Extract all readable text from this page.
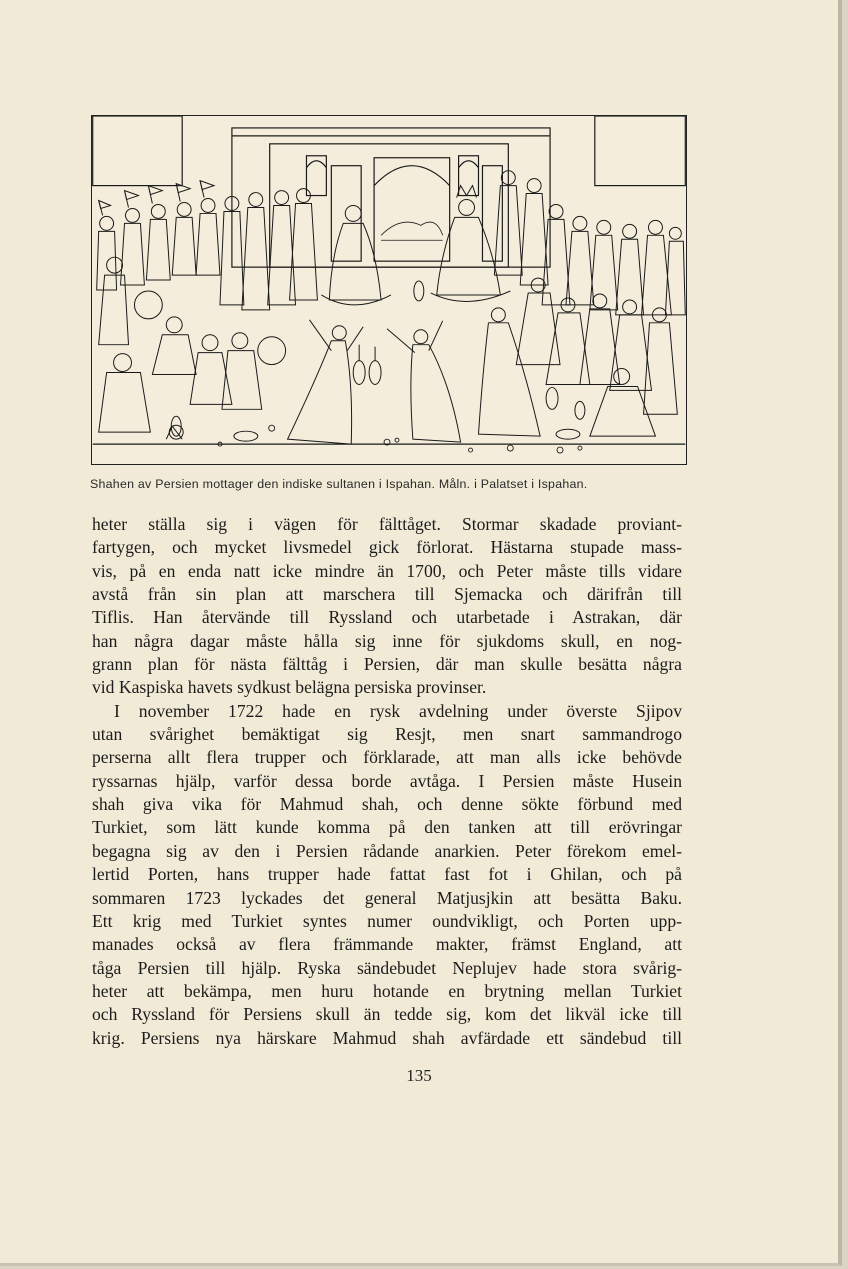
Shahen av Persien mottager den indiske sultanen i Ispahan. Måln. i Palatset i Ispahan.
heter ställa sig i vägen för fälttåget. Stormar skadade proviant-
fartygen, och mycket livsmedel gick förlorat. Hästarna stupade mass-
vis, på en enda natt icke mindre än 1700, och Peter måste tills vidare
avstå från sin plan att marschera till Sjemacka och därifrån till
Tiflis. Han återvände till Ryssland och utarbetade i Astrakan, där
han några dagar måste hålla sig inne för sjukdoms skull, en nog-
grann plan för nästa fälttåg i Persien, där man skulle besätta några
vid Kaspiska havets sydkust belägna persiska provinser.
I november 1722 hade en rysk avdelning under överste Sjipov
utan svårighet bemäktigat sig Resjt, men snart sammandrogo
perserna allt flera trupper och förklarade, att man alls icke behövde
ryssarnas hjälp, varför dessa borde avtåga. I Persien måste Husein
shah giva vika för Mahmud shah, och denne sökte förbund med
Turkiet, som lätt kunde komma på den tanken att till erövringar
begagna sig av den i Persien rådande anarkien. Peter förekom emel-
lertid Porten, hans trupper hade fattat fast fot i Ghilan, och på
sommaren 1723 lyckades det general Matjusjkin att besätta Baku.
Ett krig med Turkiet syntes numer oundvikligt, och Porten upp-
manades också av flera främmande makter, främst England, att
tåga Persien till hjälp. Ryska sändebudet Neplujev hade stora svårig-
heter att bekämpa, men huru hotande en brytning mellan Turkiet
och Ryssland för Persiens skull än tedde sig, kom det likväl icke till
krig. Persiens nya härskare Mahmud shah avfärdade ett sändebud till
135
